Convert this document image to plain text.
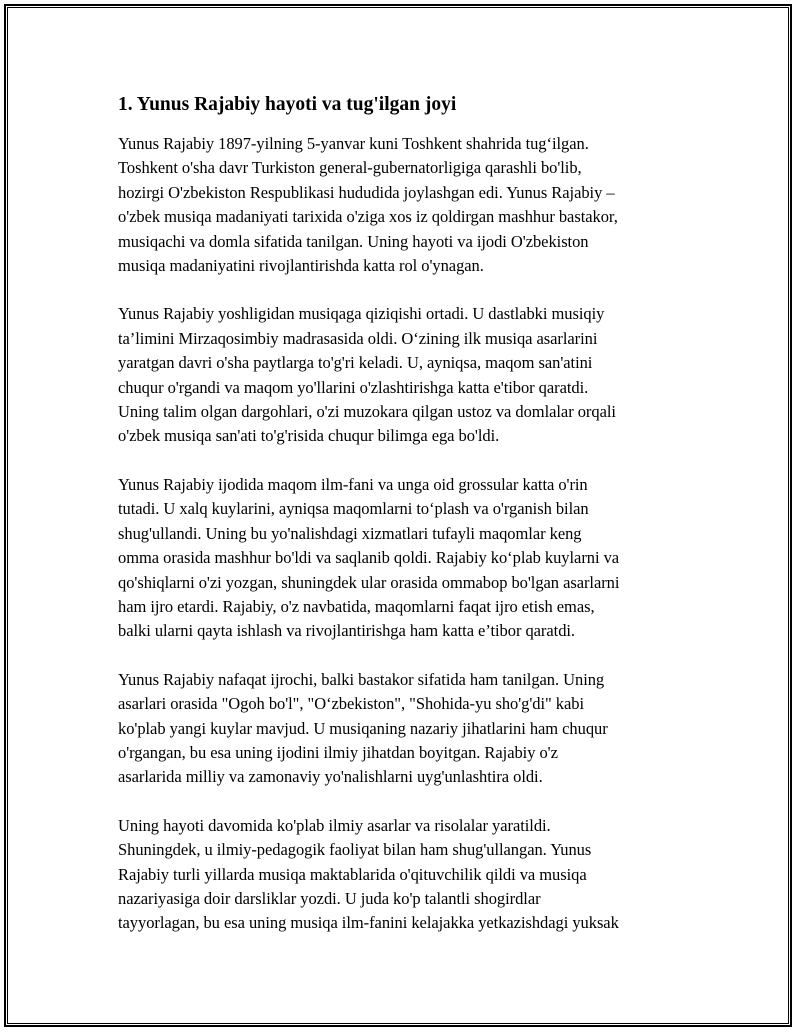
1. Yunus Rajabiy hayoti va tug'ilgan joyi
Yunus Rajabiy 1897-yilning 5-yanvar kuni Toshkent shahrida tug‘ilgan.
Toshkent o'sha davr Turkiston general-gubernatorligiga qarashli bo'lib,
hozirgi O'zbekiston Respublikasi hududida joylashgan edi. Yunus Rajabiy –
o'zbek musiqa madaniyati tarixida o'ziga xos iz qoldirgan mashhur bastakor,
musiqachi va domla sifatida tanilgan. Uning hayoti va ijodi O'zbekiston
musiqa madaniyatini rivojlantirishda katta rol o'ynagan.
Yunus Rajabiy yoshligidan musiqaga qiziqishi ortadi. U dastlabki musiqiy
ta’limini Mirzaqosimbiy madrasasida oldi. O‘zining ilk musiqa asarlarini
yaratgan davri o'sha paytlarga to'g'ri keladi. U, ayniqsa, maqom san'atini
chuqur o'rgandi va maqom yo'llarini o'zlashtirishga katta e'tibor qaratdi.
Uning talim olgan dargohlari, o'zi muzokara qilgan ustoz va domlalar orqali
o'zbek musiqa san'ati to'g'risida chuqur bilimga ega bo'ldi.
Yunus Rajabiy ijodida maqom ilm-fani va unga oid grossular katta o'rin
tutadi. U xalq kuylarini, ayniqsa maqomlarni to‘plash va o'rganish bilan
shug'ullandi. Uning bu yo'nalishdagi xizmatlari tufayli maqomlar keng
omma orasida mashhur bo'ldi va saqlanib qoldi. Rajabiy ko‘plab kuylarni va
qo'shiqlarni o'zi yozgan, shuningdek ular orasida ommabop bo'lgan asarlarni
ham ijro etardi. Rajabiy, o'z navbatida, maqomlarni faqat ijro etish emas,
balki ularni qayta ishlash va rivojlantirishga ham katta e’tibor qaratdi.
Yunus Rajabiy nafaqat ijrochi, balki bastakor sifatida ham tanilgan. Uning
asarlari orasida "Ogoh bo'l", "O‘zbekiston", "Shohida-yu sho'g'di" kabi
ko'plab yangi kuylar mavjud. U musiqaning nazariy jihatlarini ham chuqur
o'rgangan, bu esa uning ijodini ilmiy jihatdan boyitgan. Rajabiy o'z
asarlarida milliy va zamonaviy yo'nalishlarni uyg'unlashtira oldi.
Uning hayoti davomida ko'plab ilmiy asarlar va risolalar yaratildi.
Shuningdek, u ilmiy-pedagogik faoliyat bilan ham shug'ullangan. Yunus
Rajabiy turli yillarda musiqa maktablarida o'qituvchilik qildi va musiqa
nazariyasiga doir darsliklar yozdi. U juda ko'p talantli shogirdlar
tayyorlagan, bu esa uning musiqa ilm-fanini kelajakka yetkazishdagi yuksak
